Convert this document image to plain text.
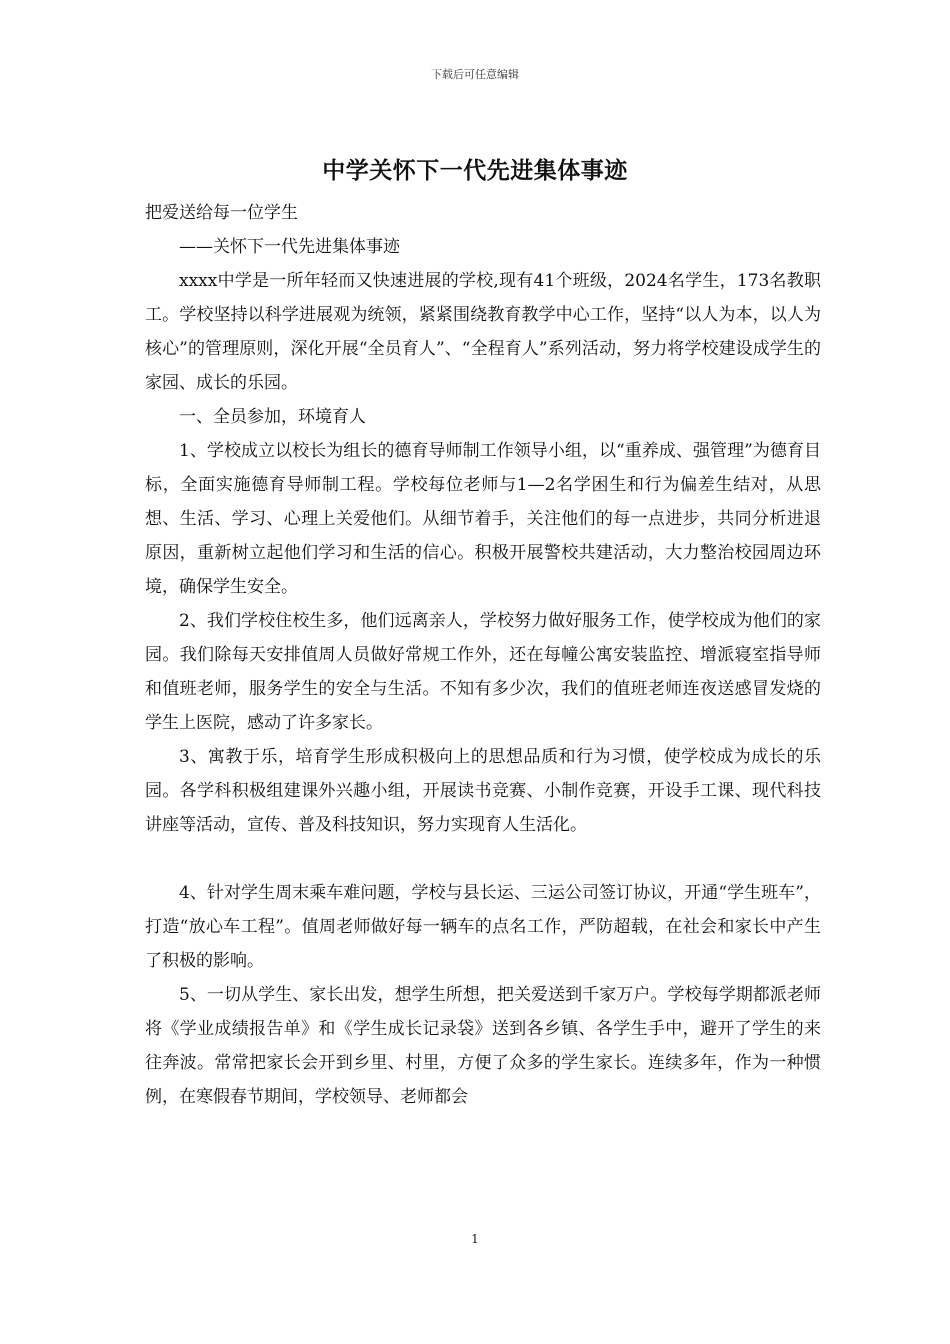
下载后可任意编辑
中学关怀下一代先进集体事迹

把爱送给每一位学生

——关怀下一代先进集体事迹

xxxx中学是一所年轻而又快速进展的学校,现有41个班级，2024名学生，173名教职工。学校坚持以科学进展观为统领，紧紧围绕教育教学中心工作，坚持“以人为本，以人为核心”的管理原则，深化开展“全员育人”、“全程育人”系列活动，努力将学校建设成学生的家园、成长的乐园。

一、全员参加，环境育人

1、学校成立以校长为组长的德育导师制工作领导小组，以“重养成、强管理”为德育目标，全面实施德育导师制工程。学校每位老师与1—2名学困生和行为偏差生结对，从思想、生活、学习、心理上关爱他们。从细节着手，关注他们的每一点进步，共同分析进退原因，重新树立起他们学习和生活的信心。积极开展警校共建活动，大力整治校园周边环境，确保学生安全。

2、我们学校住校生多，他们远离亲人，学校努力做好服务工作，使学校成为他们的家园。我们除每天安排值周人员做好常规工作外，还在每幢公寓安装监控、增派寝室指导师和值班老师，服务学生的安全与生活。不知有多少次，我们的值班老师连夜送感冒发烧的学生上医院，感动了许多家长。

3、寓教于乐，培育学生形成积极向上的思想品质和行为习惯，使学校成为成长的乐园。各学科积极组建课外兴趣小组，开展读书竞赛、小制作竞赛，开设手工课、现代科技讲座等活动，宣传、普及科技知识，努力实现育人生活化。

4、针对学生周末乘车难问题，学校与县长运、三运公司签订协议，开通“学生班车”，打造“放心车工程”。值周老师做好每一辆车的点名工作，严防超载，在社会和家长中产生了积极的影响。

5、一切从学生、家长出发，想学生所想，把关爱送到千家万户。学校每学期都派老师将《学业成绩报告单》和《学生成长记录袋》送到各乡镇、各学生手中，避开了学生的来往奔波。常常把家长会开到乡里、村里，方便了众多的学生家长。连续多年，作为一种惯例，在寒假春节期间，学校领导、老师都会

1
